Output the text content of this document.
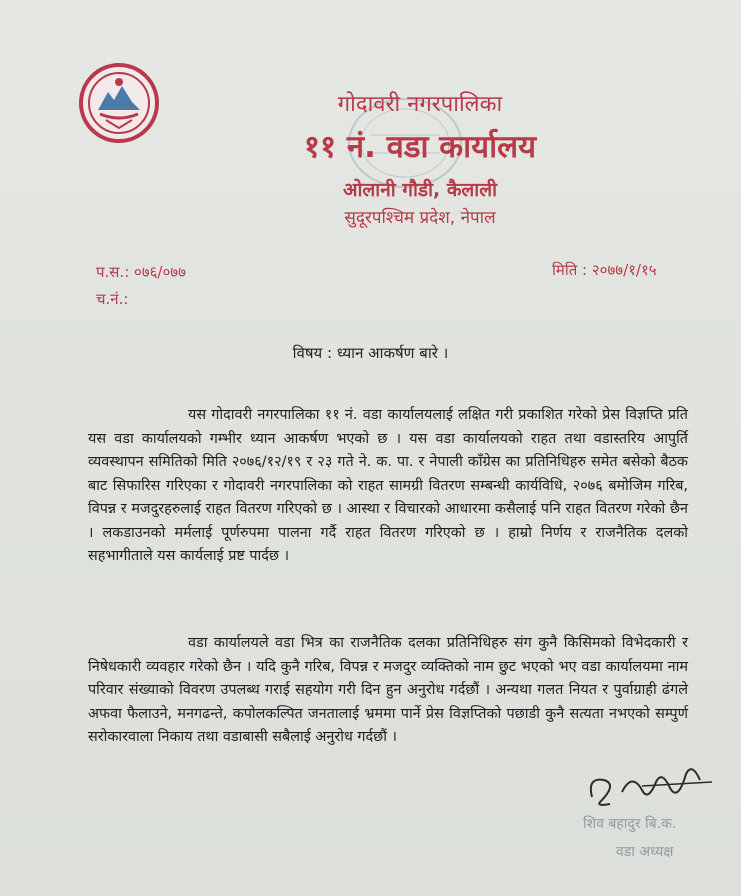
गोदावरी नगरपालिका
११ नं. वडा कार्यालय
ओलानी गौडी, कैलाली
सुदूरपश्चिम प्रदेश, नेपाल
प.स.: ०७६/०७७
च.नं.:
मिति : २०७७/१/१५
विषय : ध्यान आकर्षण बारे ।
यस गोदावरी नगरपालिका ११ नं. वडा कार्यालयलाई लक्षित गरी प्रकाशित गरेको प्रेस विज्ञप्ति प्रति यस वडा कार्यालयको गम्भीर ध्यान आकर्षण भएको छ । यस वडा कार्यालयको राहत तथा वडास्तरिय आपुर्ति व्यवस्थापन समितिको मिति २०७६/१२/१९ र २३ गते ने. क. पा. र नेपाली काँग्रेस का प्रतिनिधिहरु समेत बसेको बैठक बाट सिफारिस गरिएका र गोदावरी नगरपालिका को राहत सामग्री वितरण सम्बन्धी कार्यविधि, २०७६ बमोजिम गरिब, विपन्न र मजदुरहरुलाई राहत वितरण गरिएको छ । आस्था र विचारको आधारमा कसैलाई पनि राहत वितरण गरेको छैन । लकडाउनको मर्मलाई पूर्णरुपमा पालना गर्दै राहत वितरण गरिएको छ । हाम्रो निर्णय र राजनैतिक दलको सहभागीताले यस कार्यलाई प्रष्ट पार्दछ ।
वडा कार्यालयले वडा भित्र का राजनैतिक दलका प्रतिनिधिहरु संग कुनै किसिमको विभेदकारी र निषेधकारी व्यवहार गरेको छैन । यदि कुनै गरिब, विपन्न र मजदुर व्यक्तिको नाम छुट भएको भए वडा कार्यालयमा नाम परिवार संख्याको विवरण उपलब्ध गराई सहयोग गरी दिन हुन अनुरोध गर्दछौं । अन्यथा गलत नियत र पुर्वाग्राही ढंगले अफवा फैलाउने, मनगढन्ते, कपोलकल्पित जनतालाई भ्रममा पार्ने प्रेस विज्ञप्तिको पछाडी कुनै सत्यता नभएको सम्पुर्ण सरोकारवाला निकाय तथा वडाबासी सबैलाई अनुरोध गर्दछौं ।
शिव बहादुर बि.क.
वडा अध्यक्ष
